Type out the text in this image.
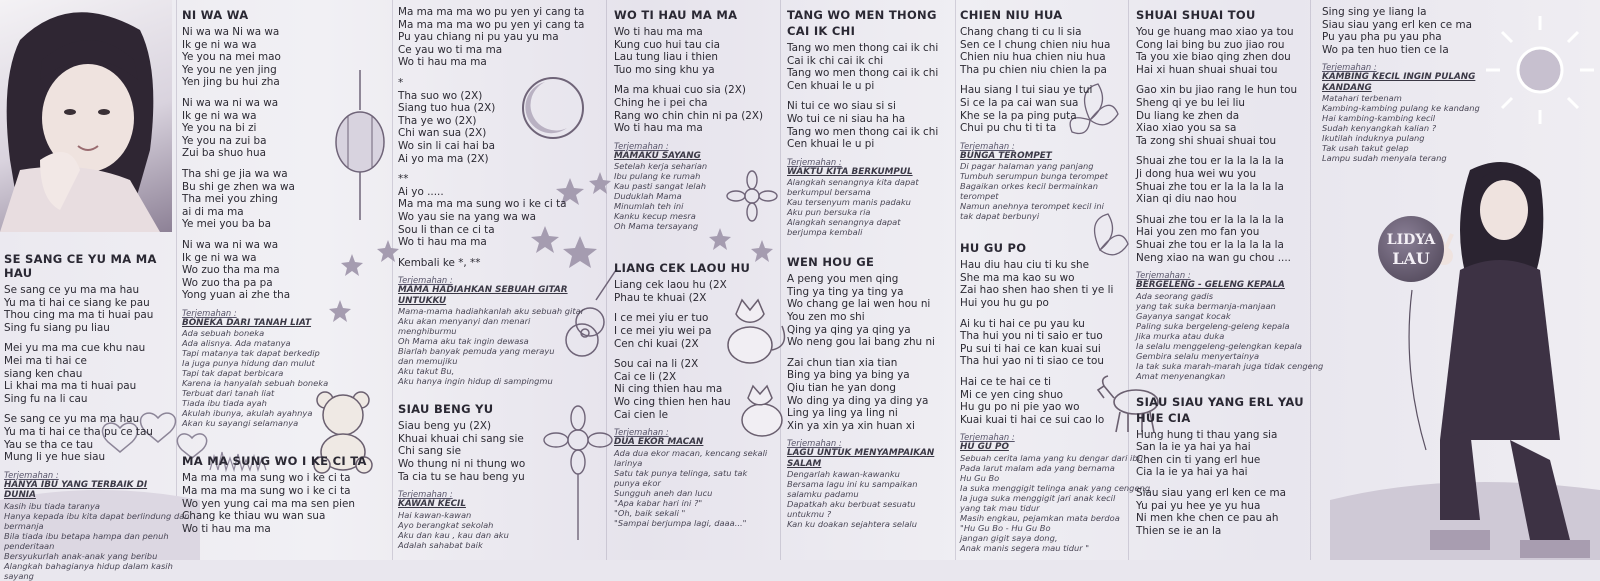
LIDYA
LAU
SE SANG CE YU MA MA HAU
Se sang ce yu ma ma hau
Yu ma ti hai ce siang ke pau
Thou cing ma ma ti huai pau
Sing fu siang pu liau
Mei yu ma ma cue khu nau
Mei ma ti hai ce
siang ken chau
Li khai ma ma ti huai pau
Sing fu na li cau
Se sang ce yu ma ma hau
Yu ma ti hai ce tha pu ce tau
Yau se tha ce tau
Mung li ye hue siau
Terjemahan :
HANYA IBU YANG TERBAIK DI DUNIA
Kasih ibu tiada taranya
Hanya kepada ibu kita dapat berlindung dan
bermanja
Bila tiada ibu betapa hampa dan penuh
penderitaan
Bersyukurlah anak-anak yang beribu
Alangkah bahagianya hidup dalam kasih
sayang
NI WA WA
Ni wa wa Ni wa wa
Ik ge ni wa wa
Ye you na mei mao
Ye you ne yen jing
Yen jing bu hui zha
Ni wa wa ni wa wa
Ik ge ni wa wa
Ye you na bi zi
Ye you na zui ba
Zui ba shuo hua
Tha shi ge jia wa wa
Bu shi ge zhen wa wa
Tha mei you zhing
ai di ma ma
Ye mei you ba ba
Ni wa wa ni wa wa
Ik ge ni wa wa
Wo zuo tha ma ma
Wo zuo tha pa pa
Yong yuan ai zhe tha
Terjemahan :
BONEKA DARI TANAH LIAT
Ada sebuah boneka
Ada alisnya. Ada matanya
Tapi matanya tak dapat berkedip
Ia juga punya hidung dan mulut
Tapi tak dapat berbicara
Karena ia hanyalah sebuah boneka
Terbuat dari tanah liat
Tiada ibu tiada ayah
Akulah ibunya, akulah ayahnya
Akan ku sayangi selamanya
MA MA SUNG WO I KE CI TA
Ma ma ma ma sung wo i ke ci ta
Ma ma ma ma sung wo i ke ci ta
Wo yen yung cai ma ma sen pien
Chang ke thiau wu wan sua
Wo ti hau ma ma
Ma ma ma ma wo pu yen yi cang ta
Ma ma ma ma wo pu yen yi cang ta
Pu yau chiang ni pu yau yu ma
Ce yau wo ti ma ma
Wo ti hau ma ma
*
Tha suo wo (2X)
Siang tuo hua (2X)
Tha ye wo (2X)
Chi wan sua (2X)
Wo sin li cai hai ba
Ai yo ma ma (2X)
**
Ai yo .....
Ma ma ma ma sung wo i ke ci ta
Wo yau sie na yang wa wa
Sou li than ce ci ta
Wo ti hau ma ma
Kembali ke *, **
Terjemahan :
MAMA HADIAHKAN SEBUAH GITAR UNTUKKU
Mama-mama hadiahkanlah aku sebuah gitar
Aku akan menyanyi dan menari
menghiburmu
Oh Mama aku tak ingin dewasa
Biarlah banyak pemuda yang merayu
dan memujiku
Aku takut Bu,
Aku hanya ingin hidup di sampingmu
SIAU BENG YU
Siau beng yu (2X)
Khuai khuai chi sang sie
Chi sang sie
Wo thung ni ni thung wo
Ta cia tu se hau beng yu
Terjemahan :
KAWAN KECIL
Hai kawan-kawan
Ayo berangkat sekolah
Aku dan kau , kau dan aku
Adalah sahabat baik
WO TI HAU MA MA
Wo ti hau ma ma
Kung cuo hui tau cia
Lau tung liau i thien
Tuo mo sing khu ya
Ma ma khuai cuo sia (2X)
Ching he i pei cha
Rang wo chin chin ni pa (2X)
Wo ti hau ma ma
Terjemahan :
MAMAKU SAYANG
Setelah kerja seharian
Ibu pulang ke rumah
Kau pasti sangat lelah
Duduklah Mama
Minumlah teh ini
Kanku kecup mesra
Oh Mama tersayang
LIANG CEK LAOU HU
Liang cek laou hu (2X
Phau te khuai (2X
I ce mei yiu er tuo
I ce mei yiu wei pa
Cen chi kuai (2X
Sou cai na li (2X
Cai ce li (2X
Ni cing thien hau ma
Wo cing thien hen hau
Cai cien le
Terjemahan :
DUA EKOR MACAN
Ada dua ekor macan, kencang sekali
larinya
Satu tak punya telinga, satu tak
punya ekor
Sungguh aneh dan lucu
"Apa kabar hari ini ?"
"Oh, baik sekali "
"Sampai berjumpa lagi, daaa..."
TANG WO MEN THONG
CAI IK CHI
Tang wo men thong cai ik chi
Cai ik chi cai ik chi
Tang wo men thong cai ik chi
Cen khuai le u pi
Ni tui ce wo siau si si
Wo tui ce ni siau ha ha
Tang wo men thong cai ik chi
Cen khuai le u pi
Terjemahan :
WAKTU KITA BERKUMPUL
Alangkah senangnya kita dapat
berkumpul bersama
Kau tersenyum manis padaku
Aku pun bersuka ria
Alangkah senangnya dapat
berjumpa kembali
WEN HOU GE
A peng you men qing
Ting ya ting ya ting ya
Wo chang ge lai wen hou ni
You zen mo shi
Qing ya qing ya qing ya
Wo neng gou lai bang zhu ni
Zai chun tian xia tian
Bing ya bing ya bing ya
Qiu tian he yan dong
Wo ding ya ding ya ding ya
Ling ya ling ya ling ni
Xin ya xin ya xin huan xi
Terjemahan :
LAGU UNTUK MENYAMPAIKAN
SALAM
Dengarlah kawan-kawanku
Bersama lagu ini ku sampaikan
salamku padamu
Dapatkah aku berbuat sesuatu
untukmu ?
Kan ku doakan sejahtera selalu
CHIEN NIU HUA
Chang chang ti cu li sia
Sen ce I chung chien niu hua
Chien niu hua chien niu hua
Tha pu chien niu chien la pa
Hau siang I tui siau ye tui
Si ce la pa cai wan sua
Khe se la pa ping puta
Chui pu chu ti ti ta
Terjemahan :
BUNGA TEROMPET
Di pagar halaman yang panjang
Tumbuh serumpun bunga terompet
Bagaikan orkes kecil bermainkan
terompet
Namun anehnya terompet kecil ini
tak dapat berbunyi
HU GU PO
Hau diu hau ciu ti ku she
She ma ma kao su wo
Zai hao shen hao shen ti ye li
Hui you hu gu po
Ai ku ti hai ce pu yau ku
Tha hui you ni ti saio er tuo
Pu sui ti hai ce kan kuai sui
Tha hui yao ni ti siao ce tou
Hai ce te hai ce ti
Mi ce yen cing shuo
Hu gu po ni pie yao wo
Kuai kuai ti hai ce sui cao lo
Terjemahan :
HU GU PO
Sebuah cerita lama yang ku dengar dari ibu
Pada larut malam ada yang bernama
Hu Gu Bo
Ia suka menggigit telinga anak yang cengeng
Ia juga suka menggigit jari anak kecil
yang tak mau tidur
Masih engkau, pejamkan mata berdoa
"Hu Gu Bo - Hu Gu Bo
jangan gigit saya dong,
Anak manis segera mau tidur "
SHUAI SHUAI TOU
You ge huang mao xiao ya tou
Cong lai bing bu zuo jiao rou
Ta you xie biao qing zhen dou
Hai xi huan shuai shuai tou
Gao xin bu jiao rang le hun tou
Sheng qi ye bu lei liu
Du liang ke zhen da
Xiao xiao you sa sa
Ta zong shi shuai shuai tou
Shuai zhe tou er la la la la la
Ji dong hua wei wu you
Shuai zhe tou er la la la la la
Xian qi diu nao hou
Shuai zhe tou er la la la la la
Hai you zen mo fan you
Shuai zhe tou er la la la la la
Neng xiao na wan gu chou ....
Terjemahan :
BERGELENG - GELENG KEPALA
Ada seorang gadis
yang tak suka bermanja-manjaan
Gayanya sangat kocak
Paling suka bergeleng-geleng kepala
Jika murka atau duka
Ia selalu menggeleng-gelengkan kepala
Gembira selalu menyertainya
Ia tak suka marah-marah juga tidak cengeng
Amat menyenangkan
SIAU SIAU YANG ERL YAU
HUE CIA
Hung hung ti thau yang sia
San la ie ya hai ya hai
Chen cin ti yang erl hue
Cia la ie ya hai ya hai
Siau siau yang erl ken ce ma
Yu pai yu hee ye yu hua
Ni men khe chen ce pau ah
Thien se ie an la
Sing sing ye liang la
Siau siau yang erl ken ce ma
Pu yau pha pu yau pha
Wo pa ten huo tien ce la
Terjemahan :
KAMBING KECIL INGIN PULANG
KANDANG
Matahari terbenam
Kambing-kambing pulang ke kandang
Hai kambing-kambing kecil
Sudah kenyangkah kalian ?
Ikutilah induknya pulang
Tak usah takut gelap
Lampu sudah menyala terang
